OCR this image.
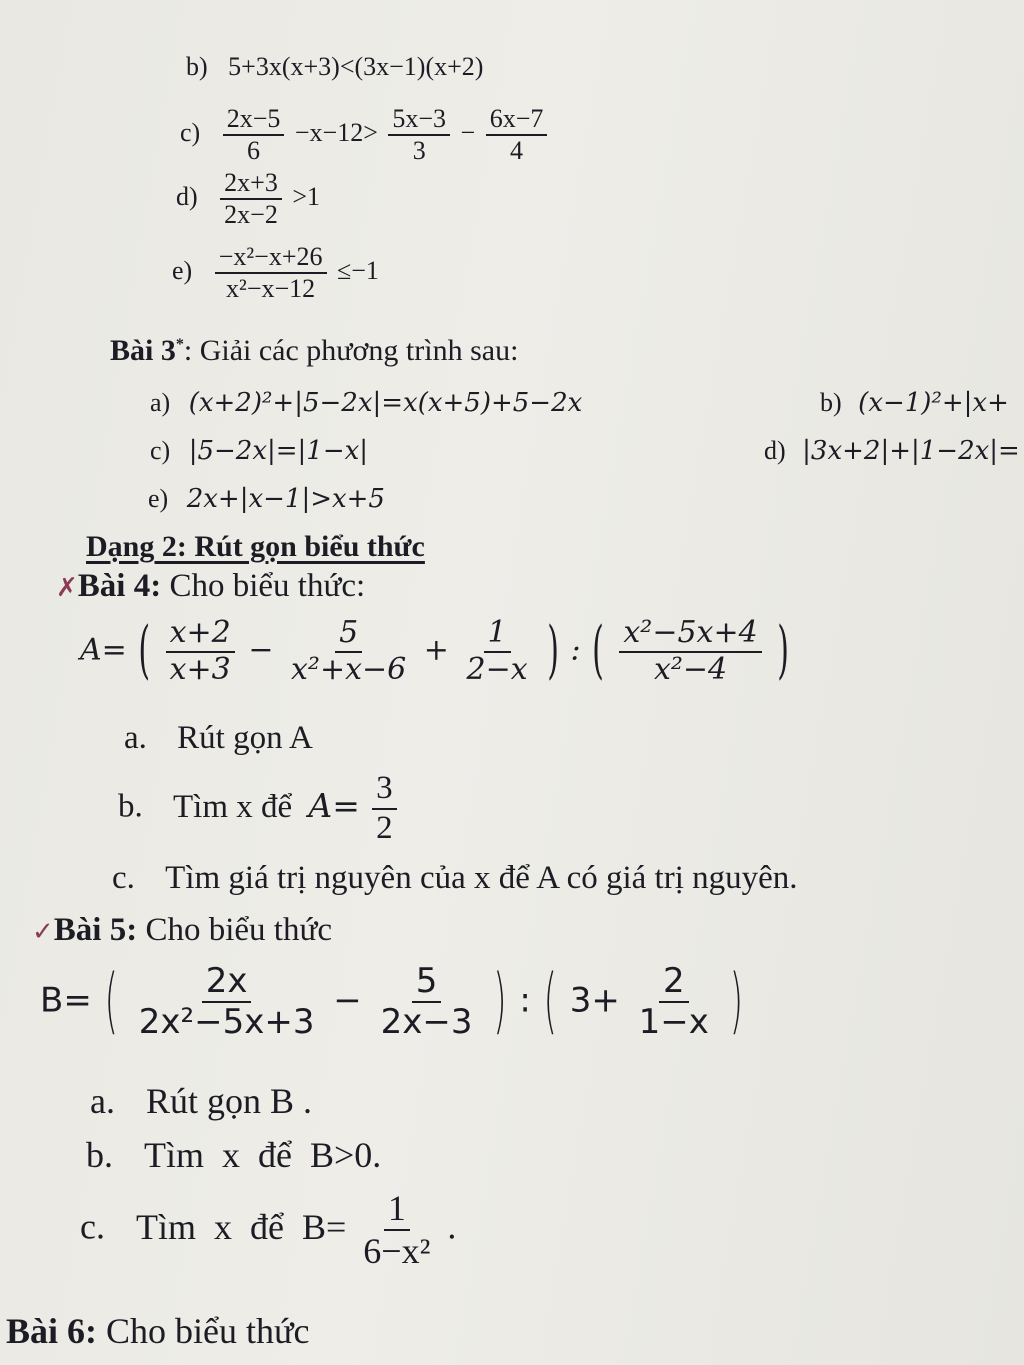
b) 5+3x(x+3)<(3x−1)(x+2)
$c) \frac{2x-5}{6} -x-12> \frac{5x-3}{3} - \frac{6x-7}{4}$
$d) \frac{2x+3}{2x-2} >1$
$e) \frac{\text{−x²−x+26}}{\text{x²−x−12}} \le-1$
Bài 3*: Giải các phương trình sau:
a) (x+2)²+|5−2x|=x(x+5)+5−2x	b) (x−1)²+|x+
c) |5−2x|=|1−x|	d) |3x+2|+|1−2x|=
e) 2x+|x−1|>x+5
Dạng 2: Rút gọn biểu thức
✗Bài 4: Cho biểu thức:
A= ( $\frac{x+2}{x+3} - \frac{5}{\text{x²+x−6}} + \frac{1}{2-x}$ ) : ( $\frac{\text{x²−5x+4}}{\text{x²−4}}$ )
a. Rút gọn A
b. Tìm x để $A= \frac{3}{2}$
c. Tìm giá trị nguyên của x để A có giá trị nguyên.
✓Bài 5: Cho biểu thức
B= ( $\frac{2x}{\text{2x²−5x+3}} - \frac{5}{2x-3}$ ) : ( $3+ \frac{2}{1-x}$ )
a. Rút gọn B .
b. Tìm  x  để  B>0.
c. Tìm  x  để  $B= \frac{1}{\text{6−x²}}$ .
Bài 6: Cho biểu thức
